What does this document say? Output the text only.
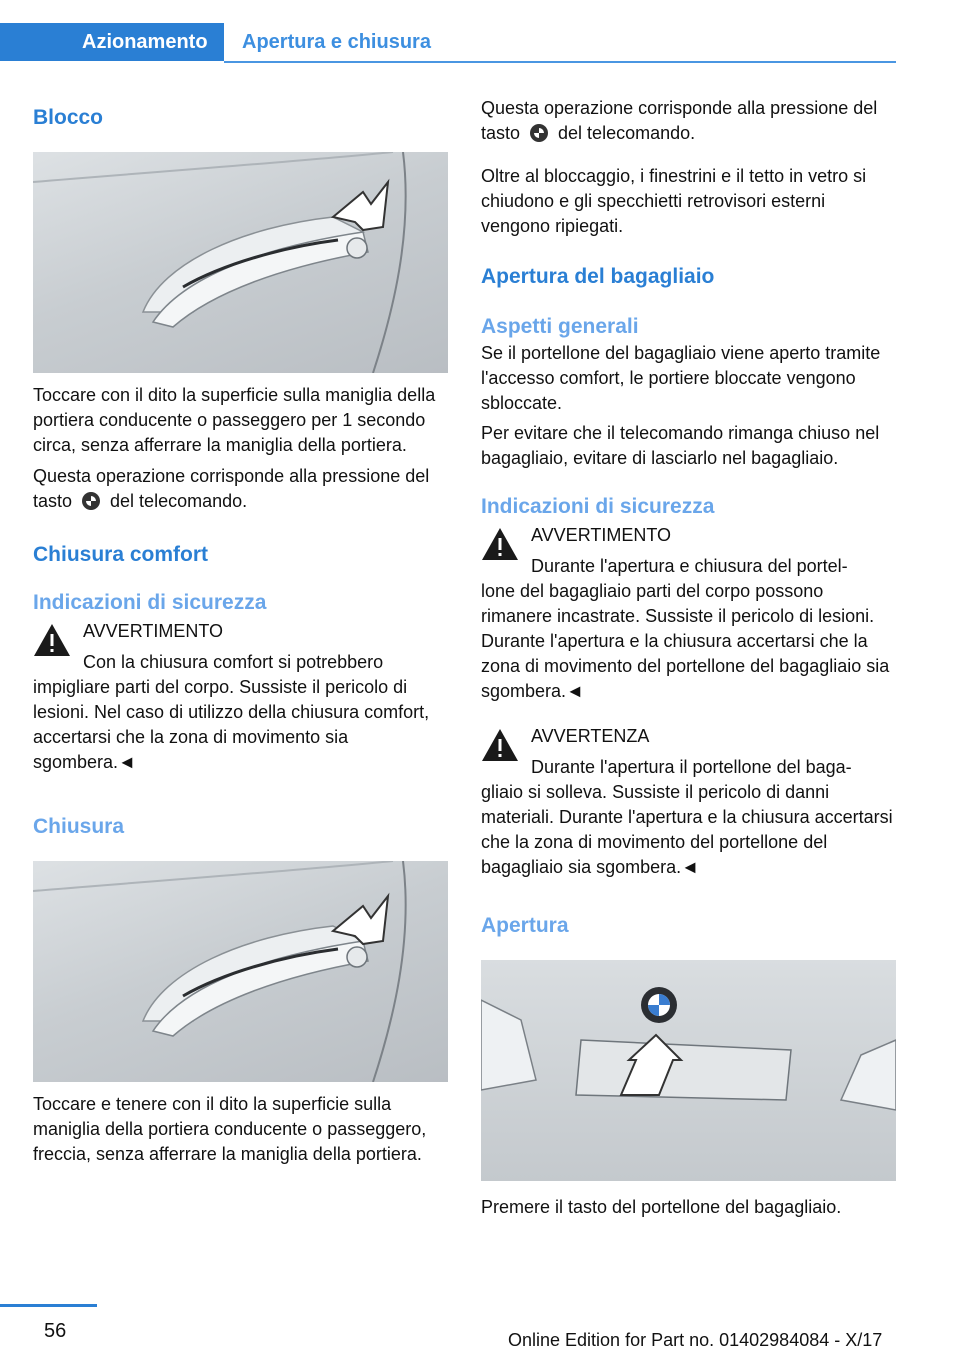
Azionamento	Apertura e chiusura
Blocco
Toccare con il dito la superficie sulla maniglia della portiera conducente o passeggero per 1 secondo circa, senza afferrare la maniglia della portiera.
Questa operazione corrisponde alla pressione del tasto del telecomando.
Chiusura comfort
Indicazioni di sicurezza
AVVERTIMENTO
Con la chiusura comfort si potrebbero
impigliare parti del corpo. Sussiste il pericolo di lesioni. Nel caso di utilizzo della chiusura comfort, accertarsi che la zona di movimento sia sgombera.◄
Chiusura
Toccare e tenere con il dito la superficie sulla maniglia della portiera conducente o passeggero, freccia, senza afferrare la maniglia della portiera.
Questa operazione corrisponde alla pressione del tasto del telecomando.
Oltre al bloccaggio, i finestrini e il tetto in vetro si chiudono e gli specchietti retrovisori esterni vengono ripiegati.
Apertura del bagagliaio
Aspetti generali
Se il portellone del bagagliaio viene aperto tramite l'accesso comfort, le portiere bloccate vengono sbloccate.
Per evitare che il telecomando rimanga chiuso nel bagagliaio, evitare di lasciarlo nel bagagliaio.
Indicazioni di sicurezza
AVVERTIMENTO
Durante l'apertura e chiusura del portel-
lone del bagagliaio parti del corpo possono rimanere incastrate. Sussiste il pericolo di lesioni. Durante l'apertura e la chiusura accertarsi che la zona di movimento del portellone del bagagliaio sia sgombera.◄
AVVERTENZA
Durante l'apertura il portellone del baga-
gliaio si solleva. Sussiste il pericolo di danni materiali. Durante l'apertura e la chiusura accertarsi che la zona di movimento del portellone del bagagliaio sia sgombera.◄
Apertura
Premere il tasto del portellone del bagagliaio.
56	Online Edition for Part no. 01402984084 - X/17
